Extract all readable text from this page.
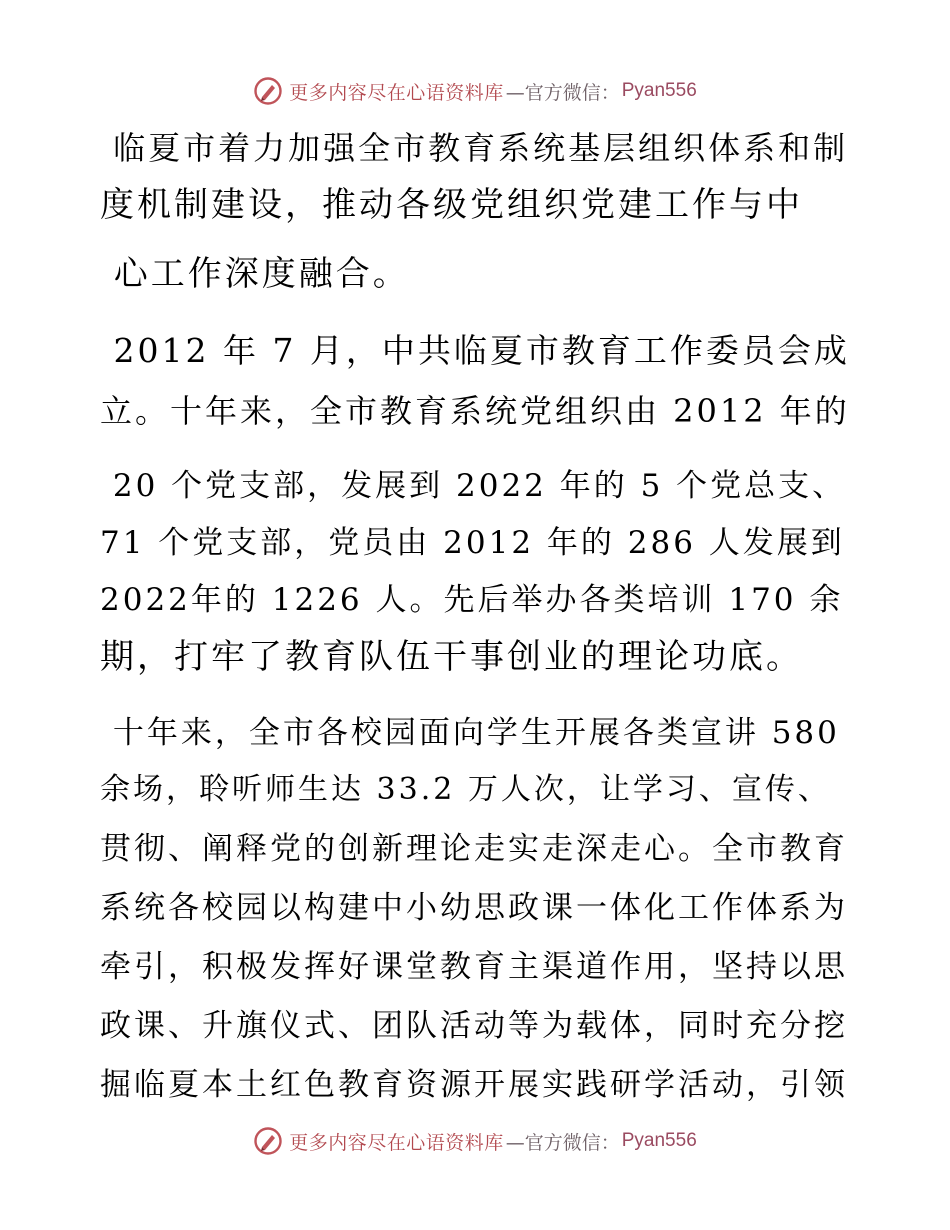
更多内容尽在心语资料库 —官方微信： Pyan556
临夏市着力加强全市教育系统基层组织体系和制
度机制建设，推动各级党组织党建工作与中
心工作深度融合。
2012 年 7 月，中共临夏市教育工作委员会成
立。十年来，全市教育系统党组织由 2012 年的
20 个党支部，发展到 2022 年的 5 个党总支、
71 个党支部，党员由 2012 年的 286 人发展到
2022年的 1226 人。先后举办各类培训 170 余
期，打牢了教育队伍干事创业的理论功底。
十年来，全市各校园面向学生开展各类宣讲 580
余场，聆听师生达 33.2 万人次，让学习、宣传、
贯彻、阐释党的创新理论走实走深走心。全市教育
系统各校园以构建中小幼思政课一体化工作体系为
牵引，积极发挥好课堂教育主渠道作用，坚持以思
政课、升旗仪式、团队活动等为载体，同时充分挖
掘临夏本土红色教育资源开展实践研学活动，引领
更多内容尽在心语资料库 —官方微信： Pyan556
